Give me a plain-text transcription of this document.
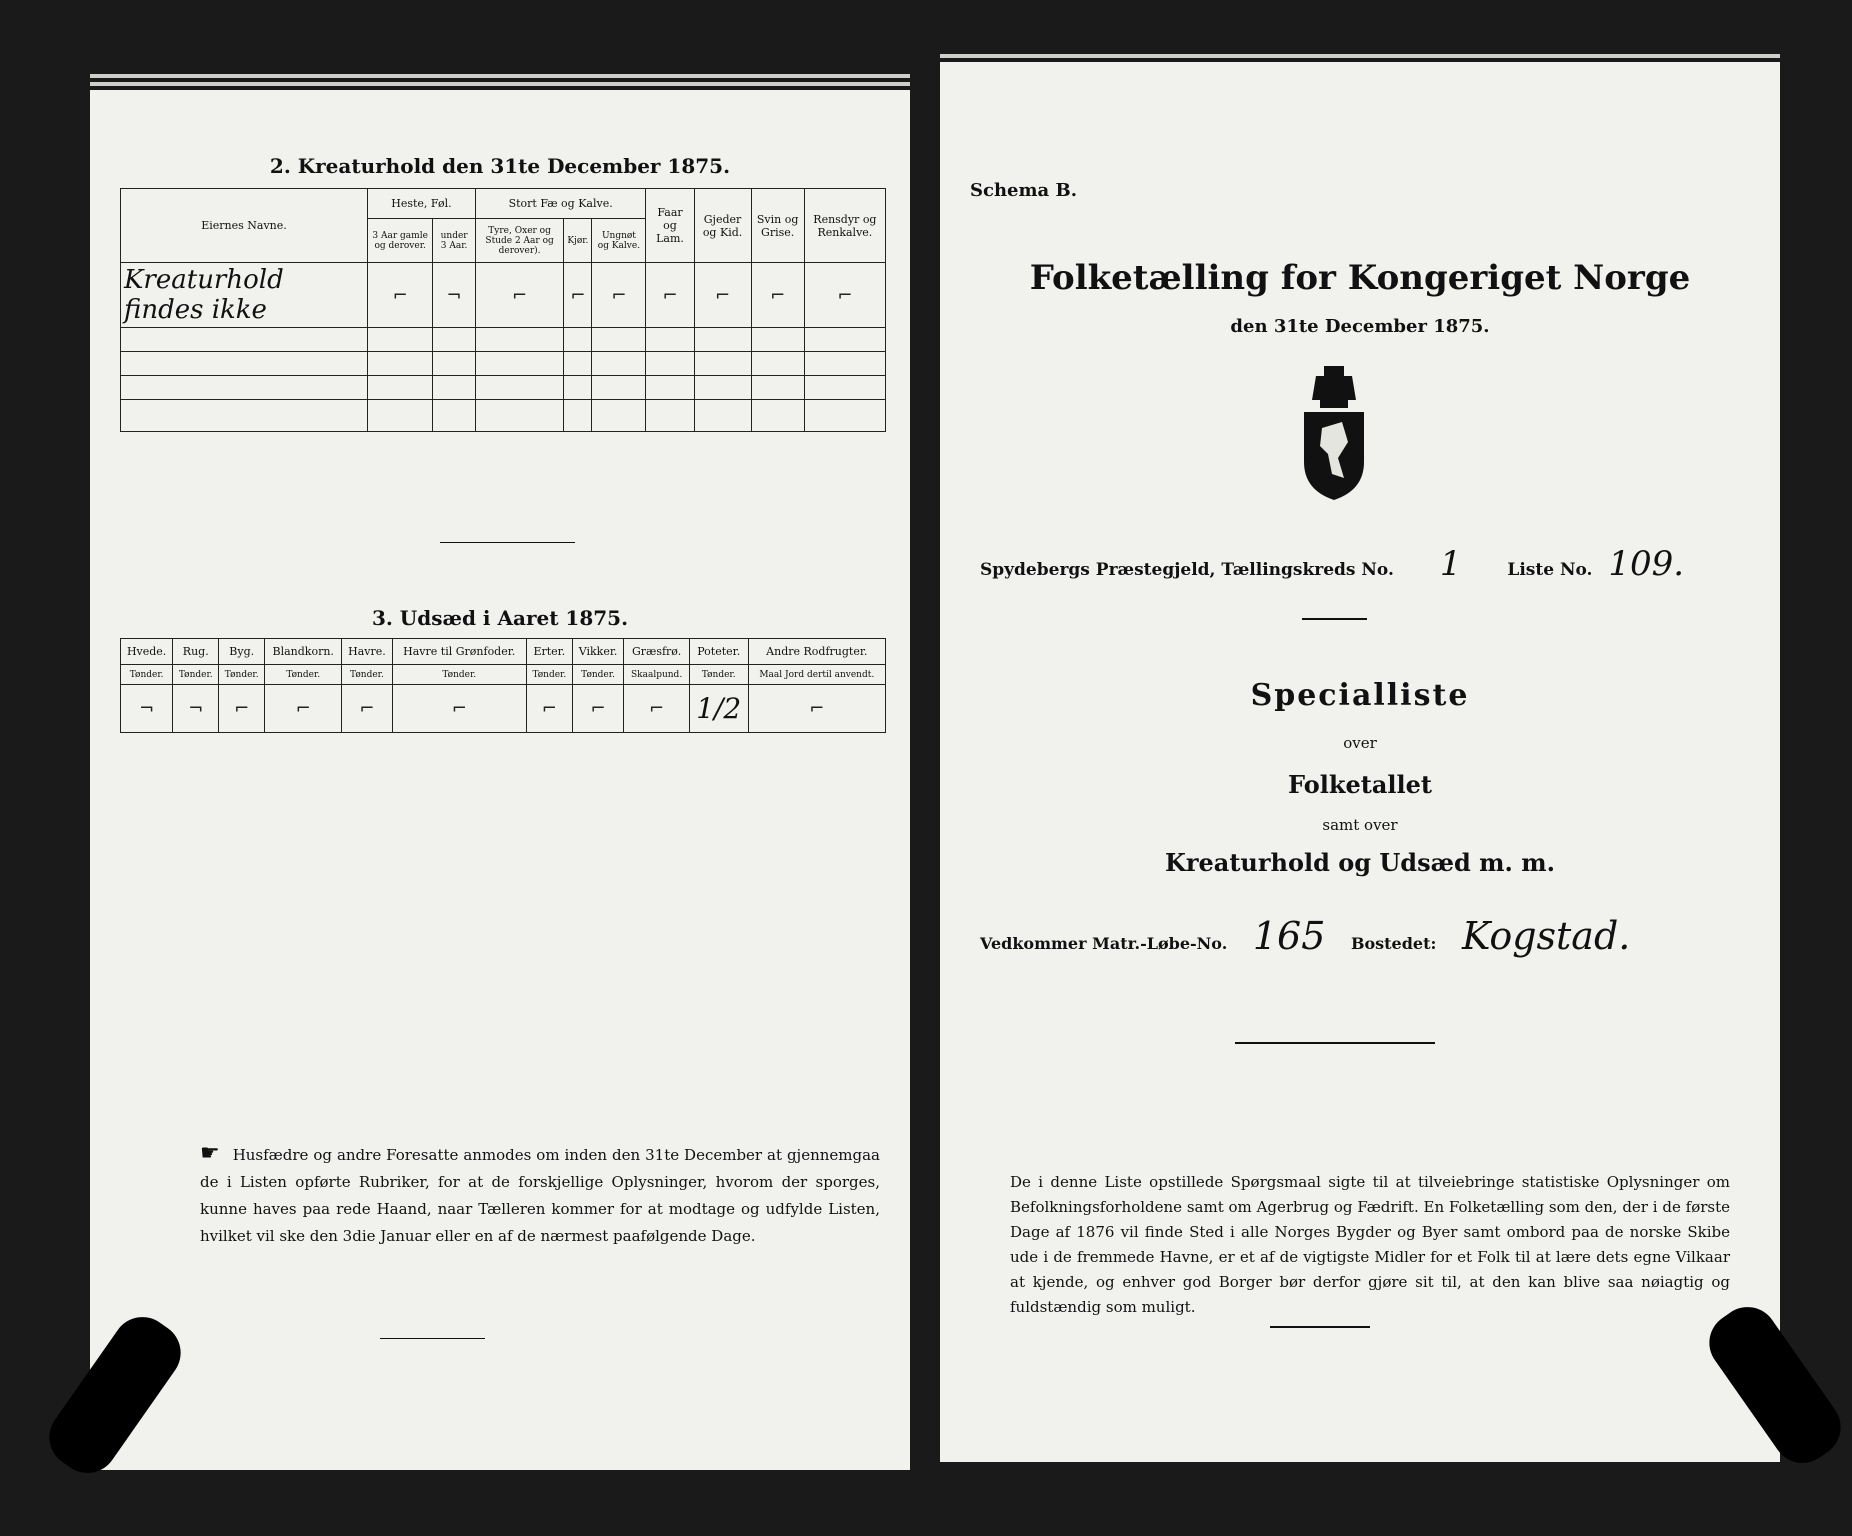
2. Kreaturhold den 31te December 1875.
Eiernes Navne.	Heste, Føl.		Stort Fæ og Kalve.			Faar og Lam.	Gjeder og Kid.	Svin og Grise.	Rensdyr og Renkalve.
	3 Aar gamle og derover.	under 3 Aar.	Tyre, Oxer og Stude 2 Aar og derover).	Kjør.	Ungnøt og Kalve.				
Kreaturhold findes ikke	⌐	¬	⌐	⌐	⌐	⌐	⌐	⌐	⌐

3. Udsæd i Aaret 1875.
Hvede.	Rug.	Byg.	Blandkorn.	Havre.	Havre til Grønfoder.	Erter.	Vikker.	Græsfrø.	Poteter.	Andre Rodfrugter.
Tønder.	Tønder.	Tønder.	Tønder.	Tønder.	Tønder.	Tønder.	Tønder.	Skaalpund.	Tønder.	Maal Jord dertil anvendt.
¬	¬	⌐	⌐	⌐	⌐	⌐	⌐	⌐	1/2	⌐
☛ Husfædre og andre Foresatte anmodes om inden den 31te December at gjennemgaa de i Listen opførte Rubriker, for at de forskjellige Oplysninger, hvorom der sporges, kunne haves paa rede Haand, naar Tælleren kommer for at modtage og udfylde Listen, hvilket vil ske den 3die Januar eller en af de nærmest paafølgende Dage.
Schema B.
Folketælling for Kongeriget Norge
den 31te December 1875.
Spydebergs Præstegjeld, Tællingskreds No. 1	Liste No. 109.
Specialliste
over
Folketallet
samt over
Kreaturhold og Udsæd m. m.
Vedkommer Matr.-Løbe-No. 165 Bostedet: Kogstad.
De i denne Liste opstillede Spørgsmaal sigte til at tilveiebringe statistiske Oplysninger om Befolkningsforholdene samt om Agerbrug og Fædrift. En Folketælling som den, der i de første Dage af 1876 vil finde Sted i alle Norges Bygder og Byer samt ombord paa de norske Skibe ude i de fremmede Havne, er et af de vigtigste Midler for et Folk til at lære dets egne Vilkaar at kjende, og enhver god Borger bør derfor gjøre sit til, at den kan blive saa nøiagtig og fuldstændig som muligt.
